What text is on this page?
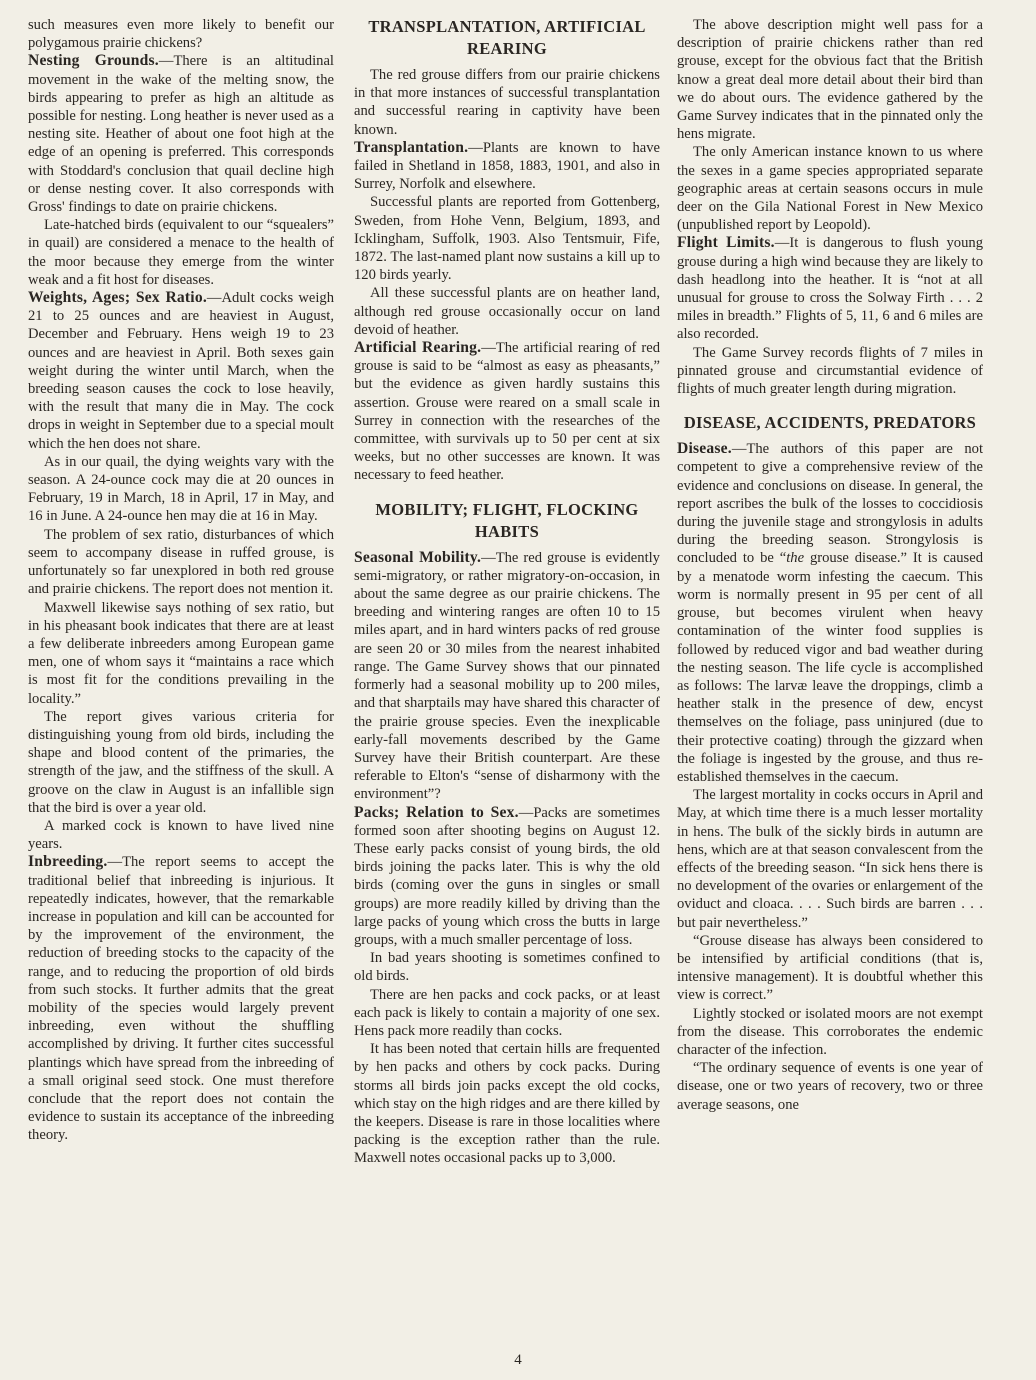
such measures even more likely to benefit our polygamous prairie chickens?

Nesting Grounds.—There is an altitudinal movement in the wake of the melting snow, the birds appearing to prefer as high an altitude as possible for nesting. Long heather is never used as a nesting site. Heather of about one foot high at the edge of an opening is preferred. This corresponds with Stoddard's conclusion that quail decline high or dense nesting cover. It also corresponds with Gross' findings to date on prairie chickens.

Late-hatched birds (equivalent to our “squealers” in quail) are considered a menace to the health of the moor because they emerge from the winter weak and a fit host for diseases.

Weights, Ages; Sex Ratio.—Adult cocks weigh 21 to 25 ounces and are heaviest in August, December and February. Hens weigh 19 to 23 ounces and are heaviest in April. Both sexes gain weight during the winter until March, when the breeding season causes the cock to lose heavily, with the result that many die in May. The cock drops in weight in September due to a special moult which the hen does not share.

As in our quail, the dying weights vary with the season. A 24-ounce cock may die at 20 ounces in February, 19 in March, 18 in April, 17 in May, and 16 in June. A 24-ounce hen may die at 16 in May.

The problem of sex ratio, disturbances of which seem to accompany disease in ruffed grouse, is unfortunately so far unexplored in both red grouse and prairie chickens. The report does not mention it.

Maxwell likewise says nothing of sex ratio, but in his pheasant book indicates that there are at least a few deliberate inbreeders among European game men, one of whom says it “maintains a race which is most fit for the conditions prevailing in the locality.”

The report gives various criteria for distinguishing young from old birds, including the shape and blood content of the primaries, the strength of the jaw, and the stiffness of the skull. A groove on the claw in August is an infallible sign that the bird is over a year old.

A marked cock is known to have lived nine years.

Inbreeding.—The report seems to accept the traditional belief that inbreeding is injurious. It repeatedly indicates, however, that the remarkable increase in population and kill can be accounted for by the improvement of the environment, the reduction of breeding stocks to the capacity of the range, and to reducing the proportion of old birds from such stocks. It further admits that the great mobility of the species would largely prevent inbreeding, even without the shuffling accomplished by driving. It further cites successful plantings which have spread from the inbreeding of a small original seed stock. One must therefore conclude that the report does not contain the evidence to sustain its acceptance of the inbreeding theory.

TRANSPLANTATION, ARTIFICIAL REARING

The red grouse differs from our prairie chickens in that more instances of successful transplantation and successful rearing in captivity have been known.

Transplantation.—Plants are known to have failed in Shetland in 1858, 1883, 1901, and also in Surrey, Norfolk and elsewhere.

Successful plants are reported from Gottenberg, Sweden, from Hohe Venn, Belgium, 1893, and Icklingham, Suffolk, 1903. Also Tentsmuir, Fife, 1872. The last-named plant now sustains a kill up to 120 birds yearly.

All these successful plants are on heather land, although red grouse occasionally occur on land devoid of heather.

Artificial Rearing.—The artificial rearing of red grouse is said to be “almost as easy as pheasants,” but the evidence as given hardly sustains this assertion. Grouse were reared on a small scale in Surrey in connection with the researches of the committee, with survivals up to 50 per cent at six weeks, but no other successes are known. It was necessary to feed heather.

MOBILITY; FLIGHT, FLOCKING HABITS

Seasonal Mobility.—The red grouse is evidently semi-migratory, or rather migratory-on-occasion, in about the same degree as our prairie chickens. The breeding and wintering ranges are often 10 to 15 miles apart, and in hard winters packs of red grouse are seen 20 or 30 miles from the nearest inhabited range. The Game Survey shows that our pinnated formerly had a seasonal mobility up to 200 miles, and that sharptails may have shared this character of the prairie grouse species. Even the inexplicable early-fall movements described by the Game Survey have their British counterpart. Are these referable to Elton's “sense of disharmony with the environment”?

Packs; Relation to Sex.—Packs are sometimes formed soon after shooting begins on August 12. These early packs consist of young birds, the old birds joining the packs later. This is why the old birds (coming over the guns in singles or small groups) are more readily killed by driving than the large packs of young which cross the butts in large groups, with a much smaller percentage of loss.

In bad years shooting is sometimes confined to old birds.

There are hen packs and cock packs, or at least each pack is likely to contain a majority of one sex. Hens pack more readily than cocks.

It has been noted that certain hills are frequented by hen packs and others by cock packs. During storms all birds join packs except the old cocks, which stay on the high ridges and are there killed by the keepers. Disease is rare in those localities where packing is the exception rather than the rule. Maxwell notes occasional packs up to 3,000.

The above description might well pass for a description of prairie chickens rather than red grouse, except for the obvious fact that the British know a great deal more detail about their bird than we do about ours. The evidence gathered by the Game Survey indicates that in the pinnated only the hens migrate.

The only American instance known to us where the sexes in a game species appropriated separate geographic areas at certain seasons occurs in mule deer on the Gila National Forest in New Mexico (unpublished report by Leopold).

Flight Limits.—It is dangerous to flush young grouse during a high wind because they are likely to dash headlong into the heather. It is “not at all unusual for grouse to cross the Solway Firth . . . 2 miles in breadth.” Flights of 5, 11, 6 and 6 miles are also recorded.

The Game Survey records flights of 7 miles in pinnated grouse and circumstantial evidence of flights of much greater length during migration.

DISEASE, ACCIDENTS, PREDATORS

Disease.—The authors of this paper are not competent to give a comprehensive review of the evidence and conclusions on disease. In general, the report ascribes the bulk of the losses to coccidiosis during the juvenile stage and strongylosis in adults during the breeding season. Strongylosis is concluded to be “the grouse disease.” It is caused by a menatode worm infesting the caecum. This worm is normally present in 95 per cent of all grouse, but becomes virulent when heavy contamination of the winter food supplies is followed by reduced vigor and bad weather during the nesting season. The life cycle is accomplished as follows: The larvæ leave the droppings, climb a heather stalk in the presence of dew, encyst themselves on the foliage, pass uninjured (due to their protective coating) through the gizzard when the foliage is ingested by the grouse, and thus re-established themselves in the caecum.

The largest mortality in cocks occurs in April and May, at which time there is a much lesser mortality in hens. The bulk of the sickly birds in autumn are hens, which are at that season convalescent from the effects of the breeding season. “In sick hens there is no development of the ovaries or enlargement of the oviduct and cloaca. . . . Such birds are barren . . . but pair nevertheless.”

“Grouse disease has always been considered to be intensified by artificial conditions (that is, intensive management). It is doubtful whether this view is correct.”

Lightly stocked or isolated moors are not exempt from the disease. This corroborates the endemic character of the infection.

“The ordinary sequence of events is one year of disease, one or two years of recovery, two or three average seasons, one

4
